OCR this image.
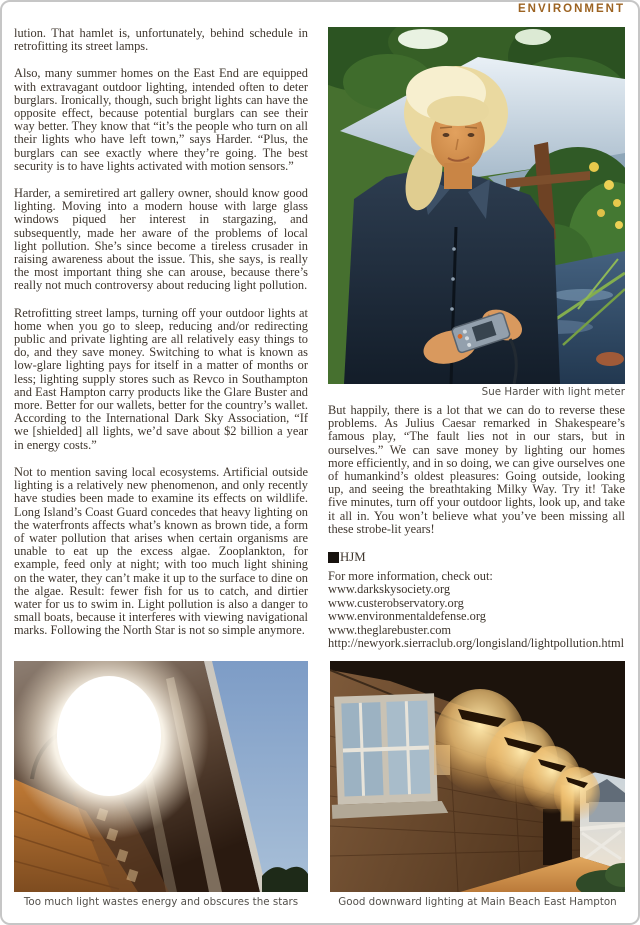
ENVIRONMENT

lution. That hamlet is, unfortunately, behind schedule in retrofitting its street lamps.

Also, many summer homes on the East End are equipped with extravagant outdoor lighting, intended often to deter burglars. Ironically, though, such bright lights can have the opposite effect, because potential burglars can see their way better. They know that “it’s the people who turn on all their lights who have left town,” says Harder. “Plus, the burglars can see exactly where they’re going. The best security is to have lights activated with motion sensors.”

Harder, a semiretired art gallery owner, should know good lighting. Moving into a modern house with large glass windows piqued her interest in stargazing, and subsequently, made her aware of the problems of local light pollution. She’s since become a tireless crusader in raising awareness about the issue. This, she says, is really the most important thing she can arouse, because there’s really not much controversy about reducing light pollution.

Retrofitting street lamps, turning off your outdoor lights at home when you go to sleep, reducing and/or redirecting public and private lighting are all relatively easy things to do, and they save money. Switching to what is known as low-glare lighting pays for itself in a matter of months or less; lighting supply stores such as Revco in Southampton and East Hampton carry products like the Glare Buster and more. Better for our wallets, better for the country’s wallet. According to the International Dark Sky Association, “If we [shielded] all lights, we’d save about $2 billion a year in energy costs.”

Not to mention saving local ecosystems. Artificial outside lighting is a relatively new phenomenon, and only recently have studies been made to examine its effects on wildlife. Long Island’s Coast Guard concedes that heavy lighting on the waterfronts affects what’s known as brown tide, a form of water pollution that arises when certain organisms are unable to eat up the excess algae. Zooplankton, for example, feed only at night; with too much light shining on the water, they can’t make it up to the surface to dine on the algae. Result: fewer fish for us to catch, and dirtier water for us to swim in. Light pollution is also a danger to small boats, because it interferes with viewing navigational marks. Following the North Star is not so simple anymore.

Sue Harder with light meter

But happily, there is a lot that we can do to reverse these problems. As Julius Caesar remarked in Shakespeare’s famous play, “The fault lies not in our stars, but in ourselves.” We can save money by lighting our homes more efficiently, and in so doing, we can give ourselves one of humankind’s oldest pleasures: Going outside, looking up, and seeing the breathtaking Milky Way. Try it! Take five minutes, turn off your outdoor lights, look up, and take it all in. You won’t believe what you’ve been missing all these strobe-lit years!

HJM
For more information, check out:
www.darkskysociety.org
www.custerobservatory.org
www.environmentaldefense.org
www.theglarebuster.com
http://newyork.sierraclub.org/longisland/lightpollution.html
Too much light wastes energy and obscures the stars	Good downward lighting at Main Beach East Hampton
